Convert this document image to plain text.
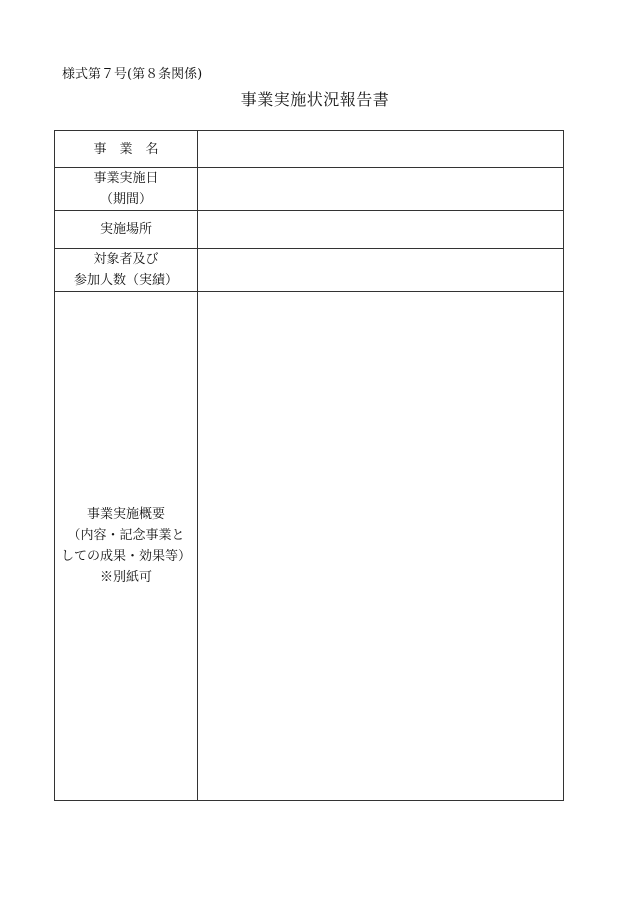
様式第７号(第８条関係)
事業実施状況報告書
事　業　名	

事業実施日
（期間）	

実施場所	

対象者及び
参加人数（実績）	

事業実施概要
（内容・記念事業と
しての成果・効果等）
※別紙可	
